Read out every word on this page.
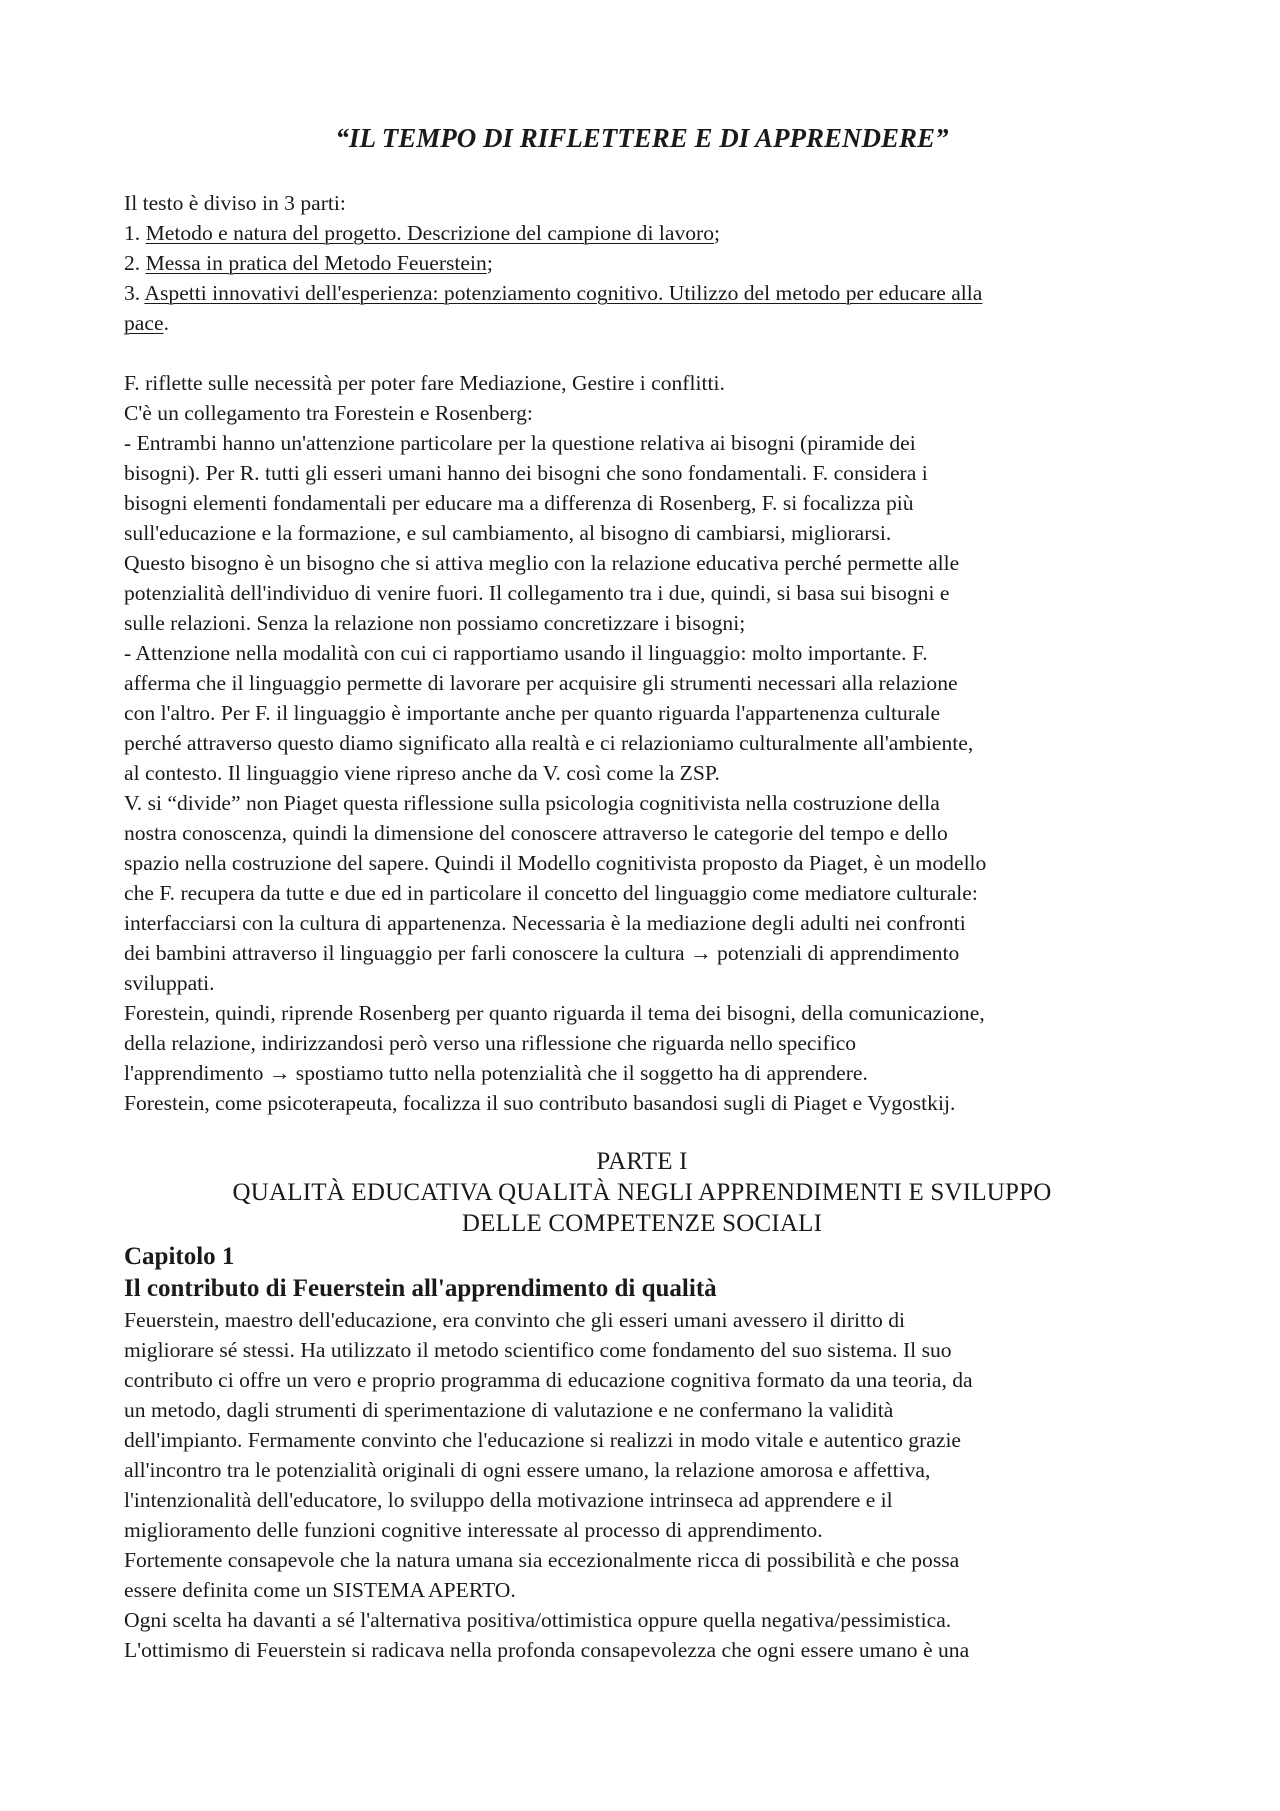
“IL TEMPO DI RIFLETTERE E DI APPRENDERE”
Il testo è diviso in 3 parti:
1. Metodo e natura del progetto. Descrizione del campione di lavoro;
2. Messa in pratica del Metodo Feuerstein;
3. Aspetti innovativi dell'esperienza: potenziamento cognitivo. Utilizzo del metodo per educare alla
pace.
F. riflette sulle necessità per poter fare Mediazione, Gestire i conflitti.
C'è un collegamento tra Forestein e Rosenberg:
- Entrambi hanno un'attenzione particolare per la questione relativa ai bisogni (piramide dei
bisogni). Per R. tutti gli esseri umani hanno dei bisogni che sono fondamentali. F. considera i
bisogni elementi fondamentali per educare ma a differenza di Rosenberg, F. si focalizza più
sull'educazione e la formazione, e sul cambiamento, al bisogno di cambiarsi, migliorarsi.
Questo bisogno è un bisogno che si attiva meglio con la relazione educativa perché permette alle
potenzialità dell'individuo di venire fuori. Il collegamento tra i due, quindi, si basa sui bisogni e
sulle relazioni. Senza la relazione non possiamo concretizzare i bisogni;
- Attenzione nella modalità con cui ci rapportiamo usando il linguaggio: molto importante. F.
afferma che il linguaggio permette di lavorare per acquisire gli strumenti necessari alla relazione
con l'altro. Per F. il linguaggio è importante anche per quanto riguarda l'appartenenza culturale
perché attraverso questo diamo significato alla realtà e ci relazioniamo culturalmente all'ambiente,
al contesto. Il linguaggio viene ripreso anche da V. così come la ZSP.
V. si “divide” non Piaget questa riflessione sulla psicologia cognitivista nella costruzione della
nostra conoscenza, quindi la dimensione del conoscere attraverso le categorie del tempo e dello
spazio nella costruzione del sapere. Quindi il Modello cognitivista proposto da Piaget, è un modello
che F. recupera da tutte e due ed in particolare il concetto del linguaggio come mediatore culturale:
interfacciarsi con la cultura di appartenenza. Necessaria è la mediazione degli adulti nei confronti
dei bambini attraverso il linguaggio per farli conoscere la cultura → potenziali di apprendimento
sviluppati.
Forestein, quindi, riprende Rosenberg per quanto riguarda il tema dei bisogni, della comunicazione,
della relazione, indirizzandosi però verso una riflessione che riguarda nello specifico
l'apprendimento → spostiamo tutto nella potenzialità che il soggetto ha di apprendere.
Forestein, come psicoterapeuta, focalizza il suo contributo basandosi sugli di Piaget e Vygostkij.
PARTE I
QUALITÀ EDUCATIVA QUALITÀ NEGLI APPRENDIMENTI E SVILUPPO
DELLE COMPETENZE SOCIALI
Capitolo 1
Il contributo di Feuerstein all'apprendimento di qualità
Feuerstein, maestro dell'educazione, era convinto che gli esseri umani avessero il diritto di
migliorare sé stessi. Ha utilizzato il metodo scientifico come fondamento del suo sistema. Il suo
contributo ci offre un vero e proprio programma di educazione cognitiva formato da una teoria, da
un metodo, dagli strumenti di sperimentazione di valutazione e ne confermano la validità
dell'impianto. Fermamente convinto che l'educazione si realizzi in modo vitale e autentico grazie
all'incontro tra le potenzialità originali di ogni essere umano, la relazione amorosa e affettiva,
l'intenzionalità dell'educatore, lo sviluppo della motivazione intrinseca ad apprendere e il
miglioramento delle funzioni cognitive interessate al processo di apprendimento.
Fortemente consapevole che la natura umana sia eccezionalmente ricca di possibilità e che possa
essere definita come un SISTEMA APERTO.
Ogni scelta ha davanti a sé l'alternativa positiva/ottimistica oppure quella negativa/pessimistica.
L'ottimismo di Feuerstein si radicava nella profonda consapevolezza che ogni essere umano è una
